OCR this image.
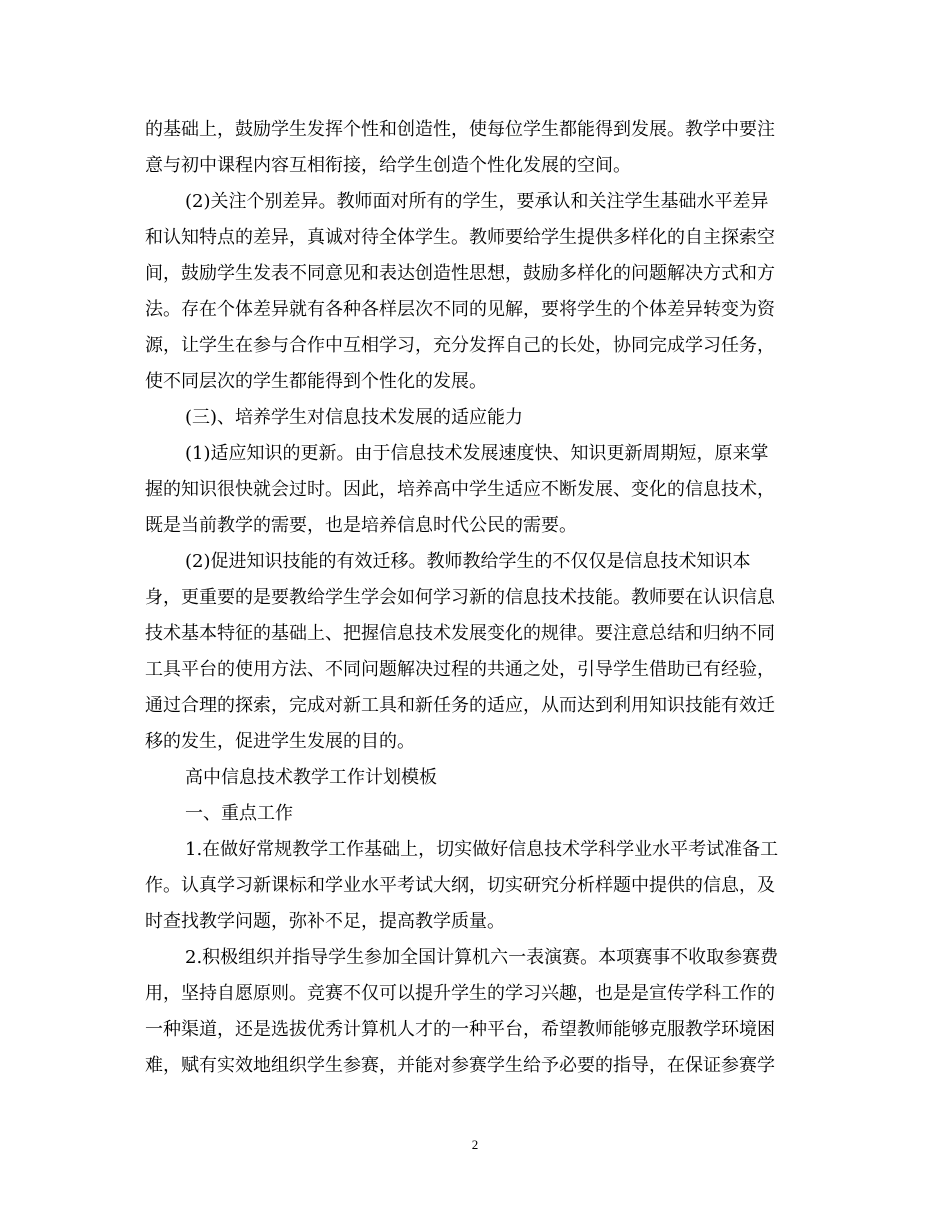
的基础上，鼓励学生发挥个性和创造性，使每位学生都能得到发展。教学中要注
意与初中课程内容互相衔接，给学生创造个性化发展的空间。
(2)关注个别差异。教师面对所有的学生，要承认和关注学生基础水平差异
和认知特点的差异，真诚对待全体学生。教师要给学生提供多样化的自主探索空
间，鼓励学生发表不同意见和表达创造性思想，鼓励多样化的问题解决方式和方
法。存在个体差异就有各种各样层次不同的见解，要将学生的个体差异转变为资
源，让学生在参与合作中互相学习，充分发挥自己的长处，协同完成学习任务，
使不同层次的学生都能得到个性化的发展。
(三)、培养学生对信息技术发展的适应能力
(1)适应知识的更新。由于信息技术发展速度快、知识更新周期短，原来掌
握的知识很快就会过时。因此，培养高中学生适应不断发展、变化的信息技术，
既是当前教学的需要，也是培养信息时代公民的需要。
(2)促进知识技能的有效迁移。教师教给学生的不仅仅是信息技术知识本
身，更重要的是要教给学生学会如何学习新的信息技术技能。教师要在认识信息
技术基本特征的基础上、把握信息技术发展变化的规律。要注意总结和归纳不同
工具平台的使用方法、不同问题解决过程的共通之处，引导学生借助已有经验，
通过合理的探索，完成对新工具和新任务的适应，从而达到利用知识技能有效迁
移的发生，促进学生发展的目的。
高中信息技术教学工作计划模板
一、重点工作
1.在做好常规教学工作基础上，切实做好信息技术学科学业水平考试准备工
作。认真学习新课标和学业水平考试大纲，切实研究分析样题中提供的信息，及
时查找教学问题，弥补不足，提高教学质量。
2.积极组织并指导学生参加全国计算机六一表演赛。本项赛事不收取参赛费
用，坚持自愿原则。竞赛不仅可以提升学生的学习兴趣，也是是宣传学科工作的
一种渠道，还是选拔优秀计算机人才的一种平台，希望教师能够克服教学环境困
难，赋有实效地组织学生参赛，并能对参赛学生给予必要的指导，在保证参赛学
2
